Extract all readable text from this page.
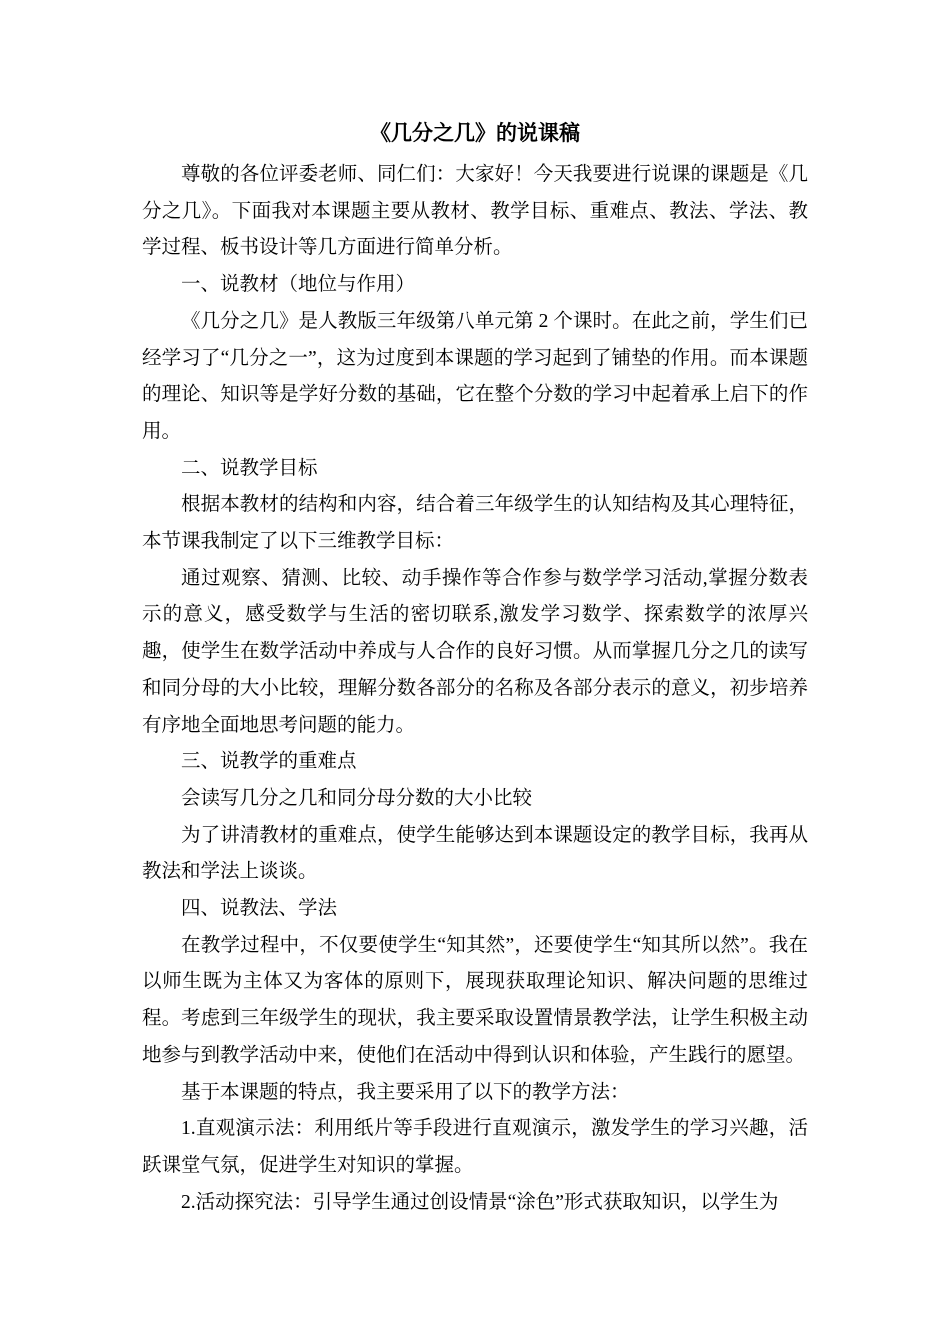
《几分之几》的说课稿

尊敬的各位评委老师、同仁们：大家好！今天我要进行说课的课题是《几分之几》。下面我对本课题主要从教材、教学目标、重难点、教法、学法、教学过程、板书设计等几方面进行简单分析。

一、说教材（地位与作用）

《几分之几》是人教版三年级第八单元第 2 个课时。在此之前，学生们已经学习了“几分之一”，这为过度到本课题的学习起到了铺垫的作用。而本课题的理论、知识等是学好分数的基础，它在整个分数的学习中起着承上启下的作用。

二、说教学目标

根据本教材的结构和内容，结合着三年级学生的认知结构及其心理特征，本节课我制定了以下三维教学目标：

通过观察、猜测、比较、动手操作等合作参与数学学习活动,掌握分数表示的意义，感受数学与生活的密切联系,激发学习数学、探索数学的浓厚兴趣，使学生在数学活动中养成与人合作的良好习惯。从而掌握几分之几的读写和同分母的大小比较，理解分数各部分的名称及各部分表示的意义，初步培养有序地全面地思考问题的能力。

三、说教学的重难点

会读写几分之几和同分母分数的大小比较

为了讲清教材的重难点，使学生能够达到本课题设定的教学目标，我再从教法和学法上谈谈。

四、说教法、学法

在教学过程中，不仅要使学生“知其然”，还要使学生“知其所以然”。我在以师生既为主体又为客体的原则下，展现获取理论知识、解决问题的思维过程。考虑到三年级学生的现状，我主要采取设置情景教学法，让学生积极主动地参与到教学活动中来，使他们在活动中得到认识和体验，产生践行的愿望。

基于本课题的特点，我主要采用了以下的教学方法：

1.直观演示法：利用纸片等手段进行直观演示，激发学生的学习兴趣，活跃课堂气氛，促进学生对知识的掌握。

2.活动探究法：引导学生通过创设情景“涂色”形式获取知识，以学生为
